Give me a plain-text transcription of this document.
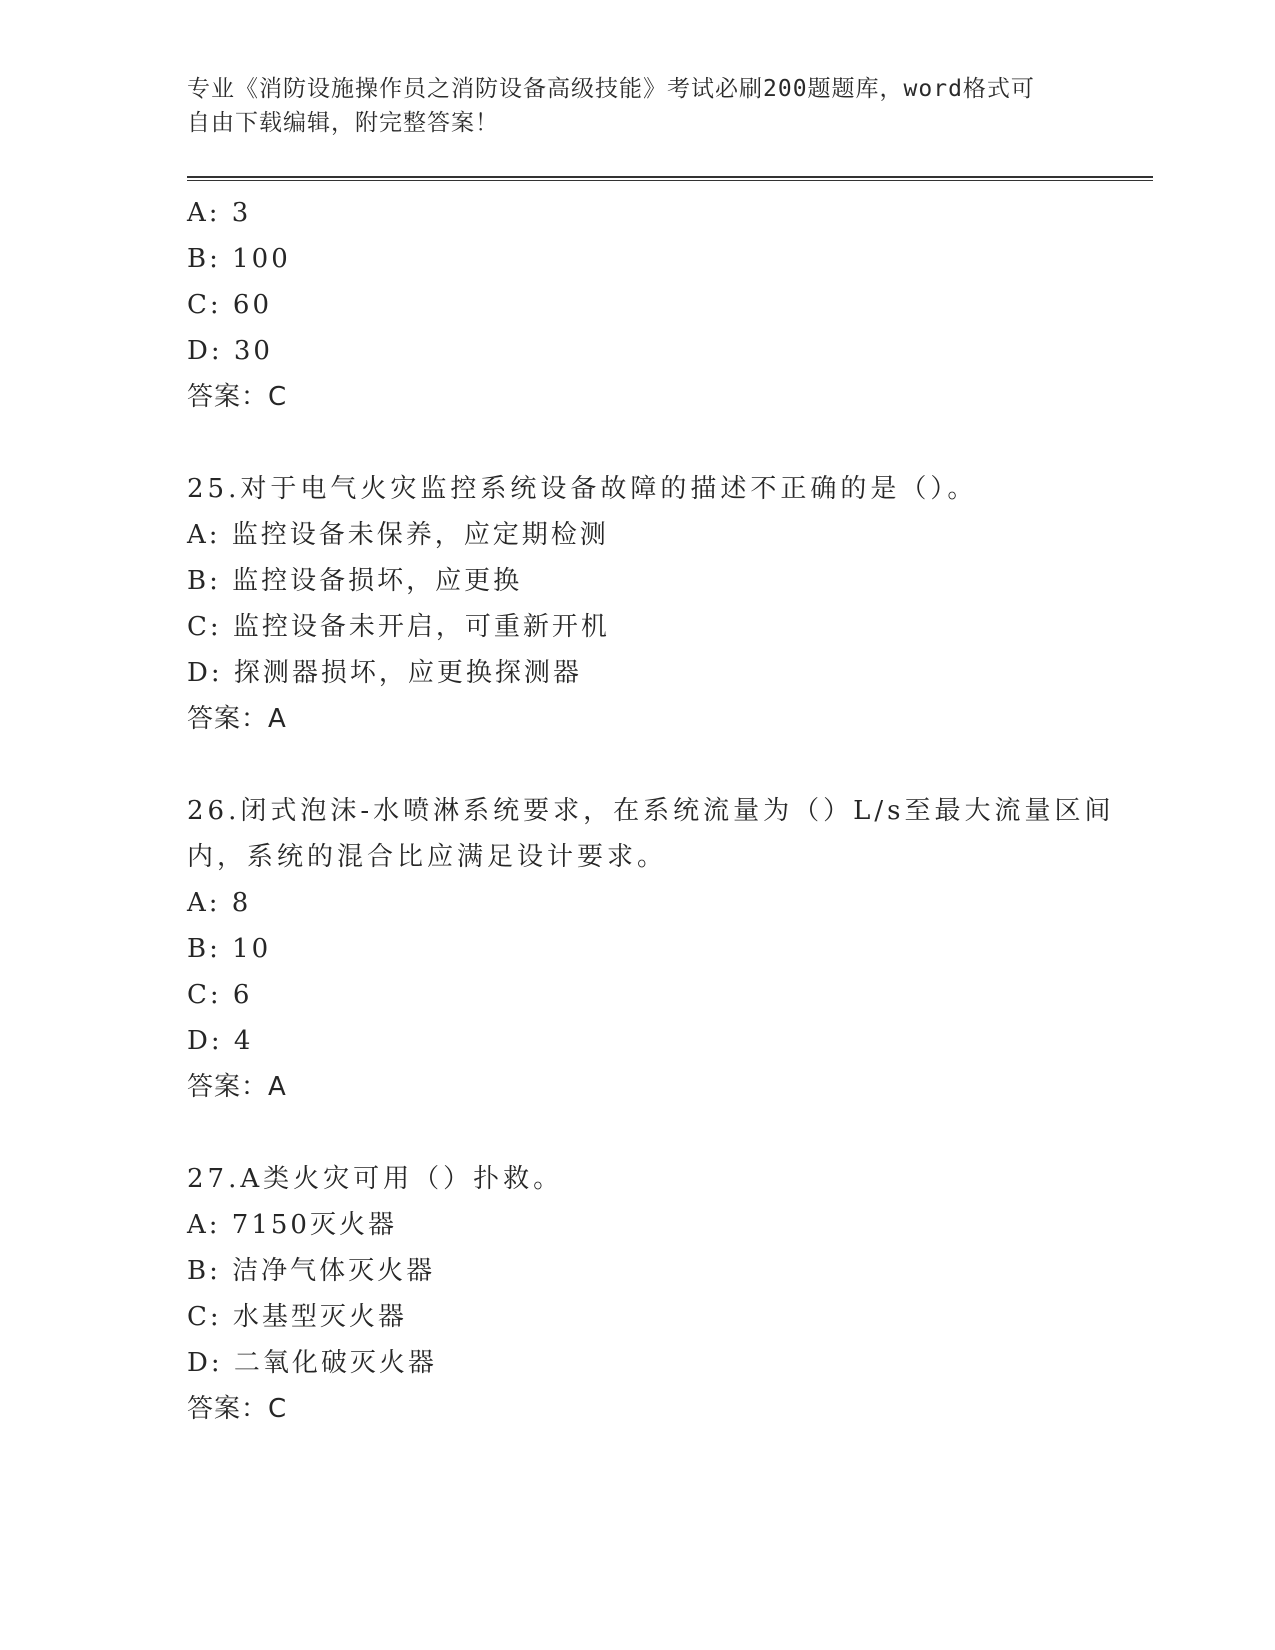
专业《消防设施操作员之消防设备高级技能》考试必刷200题题库，word格式可
自由下载编辑，附完整答案！
A: 3
B: 100
C: 60
D: 30
答案：C
25.对于电气火灾监控系统设备故障的描述不正确的是（）。
A: 监控设备未保养，应定期检测
B: 监控设备损坏，应更换
C: 监控设备未开启，可重新开机
D: 探测器损坏，应更换探测器
答案：A
26.闭式泡沫-水喷淋系统要求，在系统流量为（）L/s至最大流量区间
内，系统的混合比应满足设计要求。
A: 8
B: 10
C: 6
D: 4
答案：A
27.A类火灾可用（）扑救。
A: 7150灭火器
B: 洁净气体灭火器
C: 水基型灭火器
D: 二氧化破灭火器
答案：C
